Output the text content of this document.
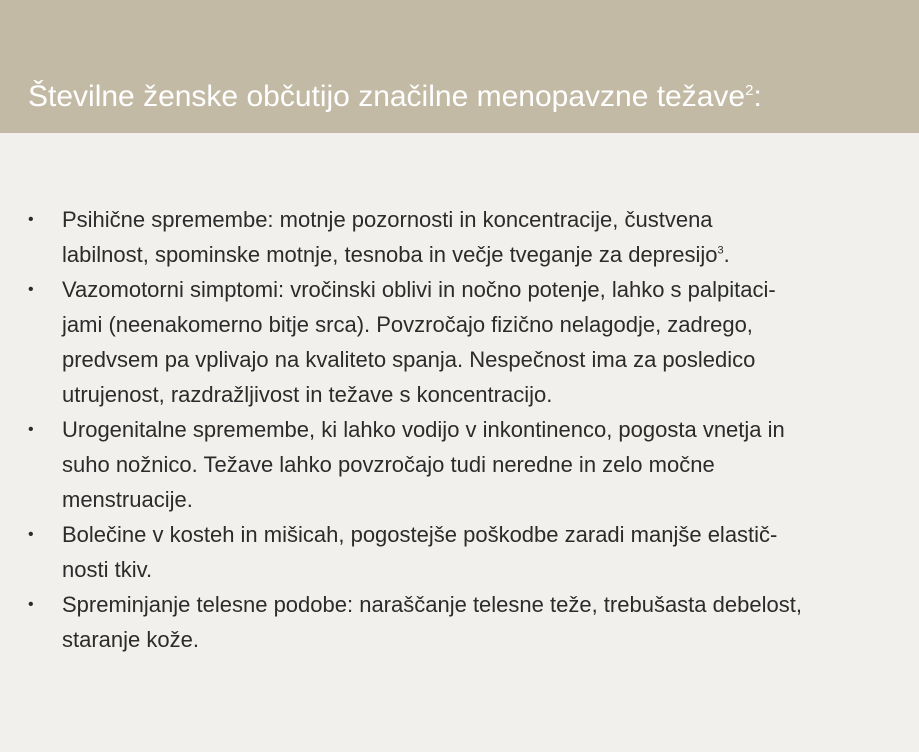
Številne ženske občutijo značilne menopavzne težave$^2$:
• Psihične spremembe: motnje pozornosti in koncentracije, čustvena
labilnost, spominske motnje, tesnoba in večje tveganje za depresijo$^3$.
• Vazomotorni simptomi: vročinski oblivi in nočno potenje, lahko s palpitaci-
jami (neenakomerno bitje srca). Povzročajo fizično nelagodje, zadrego,
predvsem pa vplivajo na kvaliteto spanja. Nespečnost ima za posledico
utrujenost, razdražljivost in težave s koncentracijo.
• Urogenitalne spremembe, ki lahko vodijo v inkontinenco, pogosta vnetja in
suho nožnico. Težave lahko povzročajo tudi neredne in zelo močne
menstruacije.
• Bolečine v kosteh in mišicah, pogostejše poškodbe zaradi manjše elastič-
nosti tkiv.
• Spreminjanje telesne podobe: naraščanje telesne teže, trebušasta debelost,
staranje kože.
